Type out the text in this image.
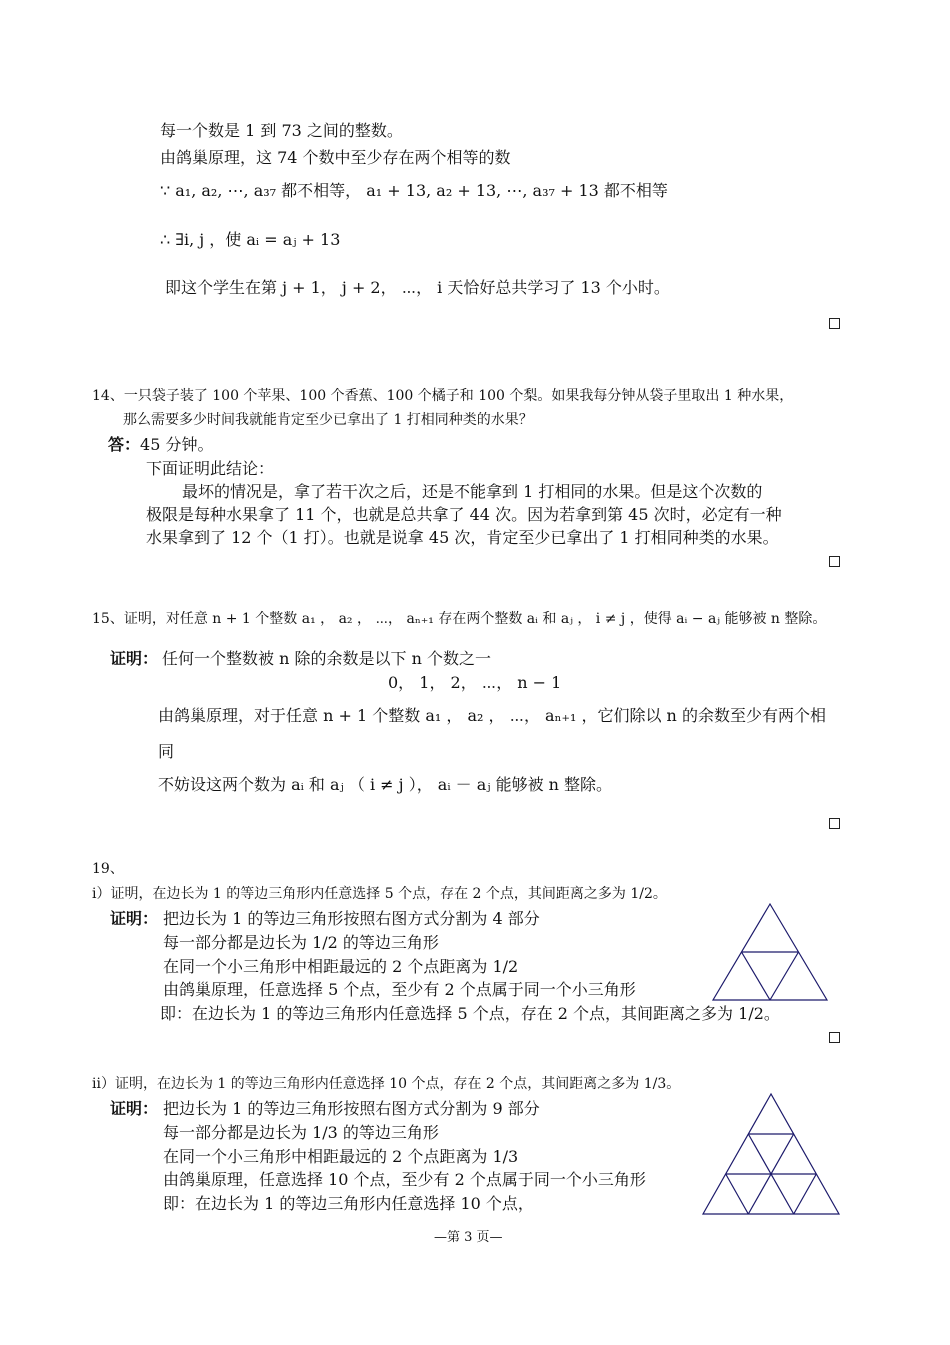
每一个数是 1 到 73 之间的整数。
由鸽巢原理，这 74 个数中至少存在两个相等的数
∵ a₁, a₂, ⋯, a₃₇ 都不相等， a₁ + 13, a₂ + 13, ⋯, a₃₇ + 13 都不相等
∴ ∃i, j ，使 aᵢ = aⱼ + 13
即这个学生在第 j + 1， j + 2， ⋯， i 天恰好总共学习了 13 个小时。
14、一只袋子装了 100 个苹果、100 个香蕉、100 个橘子和 100 个梨。如果我每分钟从袋子里取出 1 种水果，
那么需要多少时间我就能肯定至少已拿出了 1 打相同种类的水果？
答：45 分钟。
下面证明此结论：
最坏的情况是，拿了若干次之后，还是不能拿到 1 打相同的水果。但是这个次数的
极限是每种水果拿了 11 个，也就是总共拿了 44 次。因为若拿到第 45 次时，必定有一种
水果拿到了 12 个（1 打）。也就是说拿 45 次，肯定至少已拿出了 1 打相同种类的水果。
15、证明，对任意 n + 1 个整数 a₁ ， a₂ ， ⋯， aₙ₊₁ 存在两个整数 aᵢ 和 aⱼ ， i ≠ j ，使得 aᵢ − aⱼ 能够被 n 整除。
证明： 任何一个整数被 n 除的余数是以下 n 个数之一
0， 1， 2， ⋯， n − 1
由鸽巢原理，对于任意 n + 1 个整数 a₁ ， a₂ ， ⋯， aₙ₊₁ ，它们除以 n 的余数至少有两个相
同
不妨设这两个数为 aᵢ 和 aⱼ （ i ≠ j ）， aᵢ － aⱼ 能够被 n 整除。
19、
ⅰ）证明，在边长为 1 的等边三角形内任意选择 5 个点，存在 2 个点，其间距离之多为 1/2。
证明： 把边长为 1 的等边三角形按照右图方式分割为 4 部分
每一部分都是边长为 1/2 的等边三角形
在同一个小三角形中相距最远的 2 个点距离为 1/2
由鸽巢原理，任意选择 5 个点，至少有 2 个点属于同一个小三角形
即：在边长为 1 的等边三角形内任意选择 5 个点，存在 2 个点，其间距离之多为 1/2。
ⅱ）证明，在边长为 1 的等边三角形内任意选择 10 个点，存在 2 个点，其间距离之多为 1/3。
证明： 把边长为 1 的等边三角形按照右图方式分割为 9 部分
每一部分都是边长为 1/3 的等边三角形
在同一个小三角形中相距最远的 2 个点距离为 1/3
由鸽巢原理，任意选择 10 个点，至少有 2 个点属于同一个小三角形
即：在边长为 1 的等边三角形内任意选择 10 个点，
—第 3 页—
